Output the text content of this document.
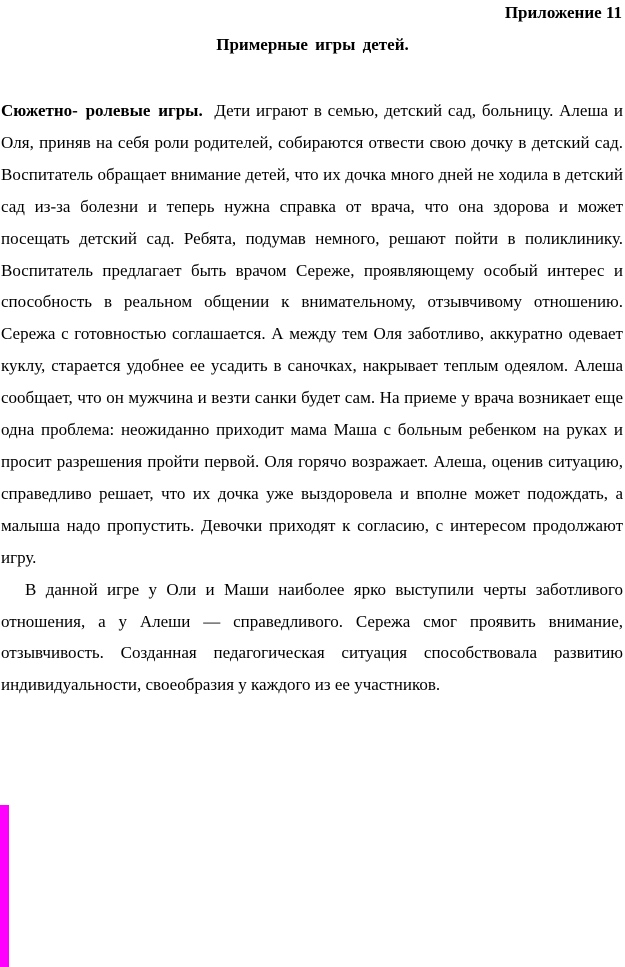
Приложение 11
Примерные игры детей.

Сюжетно- ролевые игры. Дети играют в семью, детский сад, больницу. Алеша и Оля, приняв на себя роли родителей, собираются отвести свою дочку в детский сад. Воспитатель обращает внимание детей, что их дочка много дней не ходила в детский сад из-за болезни и теперь нужна справка от врача, что она здорова и может посещать детский сад. Ребята, подумав немного, решают пойти в поликлинику. Воспитатель предлагает быть врачом Сереже, проявляющему особый интерес и способность в реальном общении к внимательному, отзывчивому отношению. Сережа с готовностью соглашается. А между тем Оля заботливо, аккуратно одевает куклу, старается удобнее ее усадить в саночках, накрывает теплым одеялом. Алеша сообщает, что он мужчина и везти санки будет сам. На приеме у врача возникает еще одна проблема: неожиданно приходит мама Маша с больным ребенком на руках и просит разрешения пройти первой. Оля горячо возражает. Алеша, оценив ситуацию, справедливо решает, что их дочка уже выздоровела и вполне может подождать, а малыша надо пропустить. Девочки приходят к согласию, с интересом продолжают игру.

В данной игре у Оли и Маши наиболее ярко выступили черты заботливого отношения, а у Алеши — справедливого. Сережа смог проявить внимание, отзывчивость. Созданная педагогическая ситуация способствовала развитию индивидуальности, своеобразия у каждого из ее участников.
